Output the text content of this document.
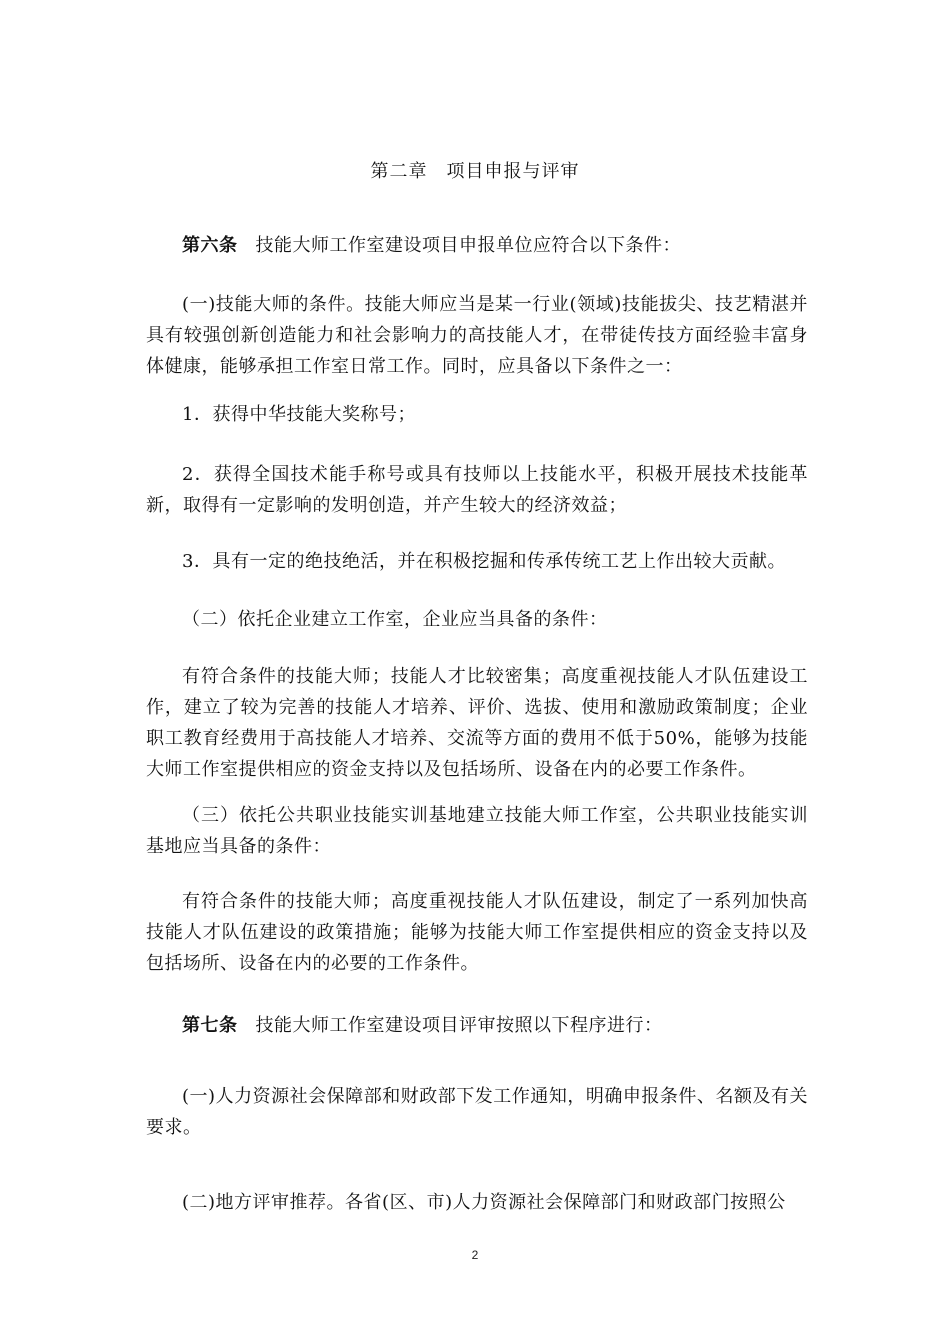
第二章　项目申报与评审
第六条 技能大师工作室建设项目申报单位应符合以下条件：
(一)技能大师的条件。技能大师应当是某一行业(领域)技能拔尖、技艺精湛并具有较强创新创造能力和社会影响力的高技能人才，在带徒传技方面经验丰富身体健康，能够承担工作室日常工作。同时，应具备以下条件之一：
1．获得中华技能大奖称号；
2．获得全国技术能手称号或具有技师以上技能水平，积极开展技术技能革新，取得有一定影响的发明创造，并产生较大的经济效益；
3．具有一定的绝技绝活，并在积极挖掘和传承传统工艺上作出较大贡献。
（二）依托企业建立工作室，企业应当具备的条件：
有符合条件的技能大师；技能人才比较密集；高度重视技能人才队伍建设工作，建立了较为完善的技能人才培养、评价、选拔、使用和激励政策制度；企业职工教育经费用于高技能人才培养、交流等方面的费用不低于50%，能够为技能大师工作室提供相应的资金支持以及包括场所、设备在内的必要工作条件。
（三）依托公共职业技能实训基地建立技能大师工作室，公共职业技能实训基地应当具备的条件：
有符合条件的技能大师；高度重视技能人才队伍建设，制定了一系列加快高技能人才队伍建设的政策措施；能够为技能大师工作室提供相应的资金支持以及包括场所、设备在内的必要的工作条件。
第七条 技能大师工作室建设项目评审按照以下程序进行：
(一)人力资源社会保障部和财政部下发工作通知，明确申报条件、名额及有关要求。
(二)地方评审推荐。各省(区、市)人力资源社会保障部门和财政部门按照公
2
